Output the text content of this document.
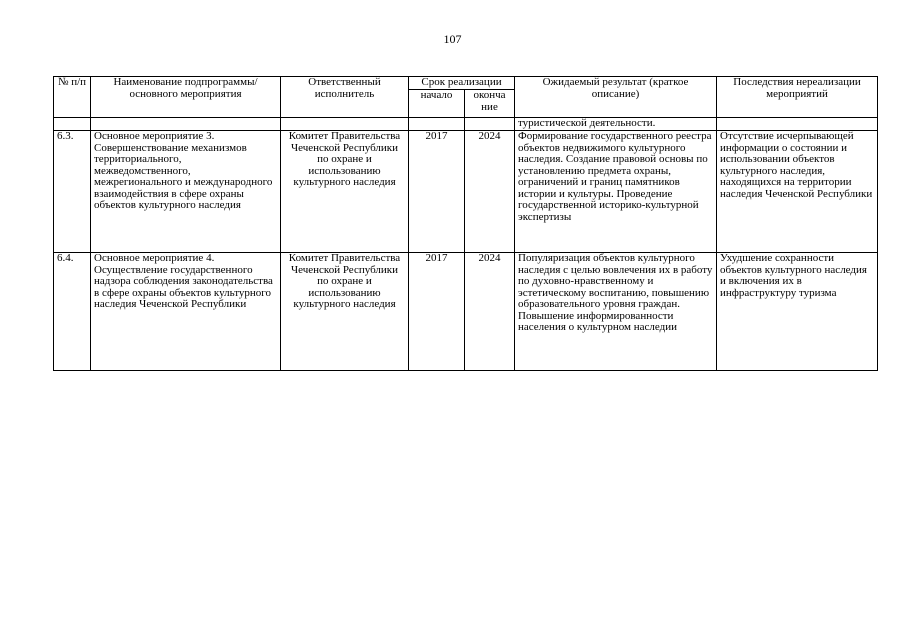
107
№ п/п	Наименование подпрограммы/ основного мероприятия	Ответственный исполнитель	Срок реализации		Ожидаемый результат (краткое описание)	Последствия нереализации мероприятий
			начало	оконча ние		
					туристической деятельности.	
6.3.	Основное мероприятие 3. Совершенствование механизмов территориального, межведомственного, межрегионального и международного взаимодействия в сфере охраны объектов культурного наследия	Комитет Правительства Чеченской Республики по охране и использованию культурного наследия	2017	2024	Формирование государственного реестра объектов недвижимого культурного наследия. Создание правовой основы по установлению предмета охраны, ограничений и границ памятников истории и культуры. Проведение государственной историко-культурной экспертизы	Отсутствие исчерпывающей информации о состоянии и использовании объектов культурного наследия, находящихся на территории наследия Чеченской Республики
6.4.	Основное мероприятие 4. Осуществление государственного надзора соблюдения законодательства в сфере охраны объектов культурного наследия Чеченской Республики	Комитет Правительства Чеченской Республики по охране и использованию культурного наследия	2017	2024	Популяризация объектов культурного наследия с целью вовлечения их в работу по духовно-нравственному и эстетическому воспитанию, повышению образовательного уровня граждан. Повышение информированности населения о культурном наследии	Ухудшение сохранности объектов культурного наследия и включения их в инфраструктуру туризма
